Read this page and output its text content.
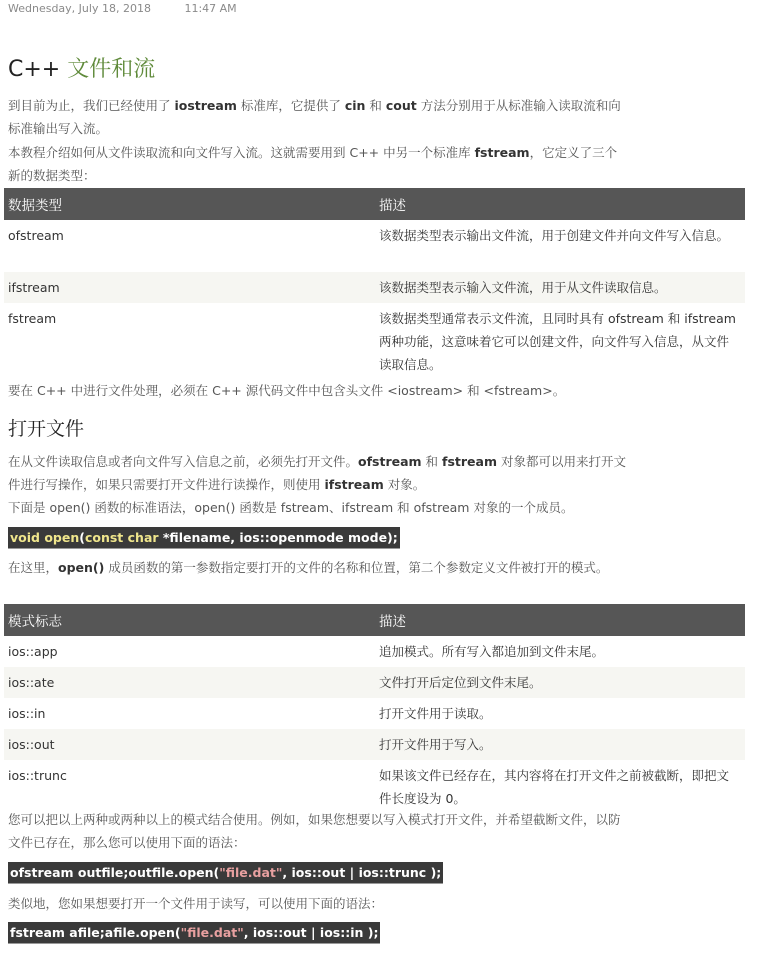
Wednesday, July 18, 2018	11:47 AM
C++ 文件和流

到目前为止，我们已经使用了 iostream 标准库，它提供了 cin 和 cout 方法分别用于从标准输入读取流和向标准输出写入流。

本教程介绍如何从文件读取流和向文件写入流。这就需要用到 C++ 中另一个标准库 fstream，它定义了三个新的数据类型：

数据类型	描述
ofstream	该数据类型表示输出文件流，用于创建文件并向文件写入信息。
ifstream	该数据类型表示输入文件流，用于从文件读取信息。
fstream	该数据类型通常表示文件流，且同时具有 ofstream 和 ifstream 两种功能，这意味着它可以创建文件，向文件写入信息，从文件读取信息。

要在 C++ 中进行文件处理，必须在 C++ 源代码文件中包含头文件 <iostream> 和 <fstream>。

打开文件

在从文件读取信息或者向文件写入信息之前，必须先打开文件。ofstream 和 fstream 对象都可以用来打开文件进行写操作，如果只需要打开文件进行读操作，则使用 ifstream 对象。

下面是 open() 函数的标准语法，open() 函数是 fstream、ifstream 和 ofstream 对象的一个成员。

void open(const char *filename, ios::openmode mode);

在这里，open() 成员函数的第一参数指定要打开的文件的名称和位置，第二个参数定义文件被打开的模式。

模式标志	描述
ios::app	追加模式。所有写入都追加到文件末尾。
ios::ate	文件打开后定位到文件末尾。
ios::in	打开文件用于读取。
ios::out	打开文件用于写入。
ios::trunc	如果该文件已经存在，其内容将在打开文件之前被截断，即把文件长度设为 0。

您可以把以上两种或两种以上的模式结合使用。例如，如果您想要以写入模式打开文件，并希望截断文件，以防文件已存在，那么您可以使用下面的语法：

ofstream outfile;outfile.open("file.dat", ios::out | ios::trunc );

类似地，您如果想要打开一个文件用于读写，可以使用下面的语法：

fstream afile;afile.open("file.dat", ios::out | ios::in );
